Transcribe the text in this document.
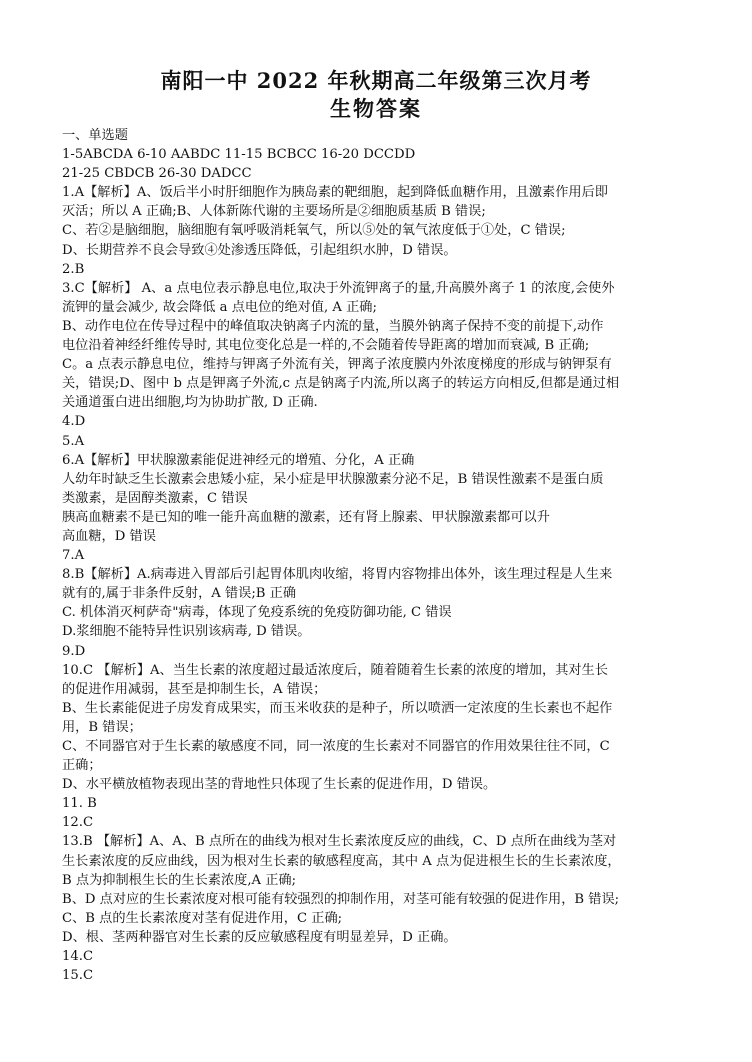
南阳一中 2022 年秋期高二年级第三次月考
生物答案
一、单选题
1-5ABCDA 6-10 AABDC 11-15 BCBCC 16-20 DCCDD
21-25 CBDCB 26-30 DADCC
1.A【解析】A、饭后半小时肝细胞作为胰岛素的靶细胞，起到降低血糖作用，且激素作用后即
灭活；所以 A 正确;B、人体新陈代谢的主要场所是②细胞质基质 B 错误;
C、若②是脑细胞，脑细胞有氧呼吸消耗氧气，所以⑤处的氧气浓度低于①处，C 错误;
D、长期营养不良会导致④处渗透压降低，引起组织水肿，D 错误。
2.B
3.C【解析】 A、a 点电位表示静息电位,取决于外流钾离子的量,升高膜外离子 1 的浓度,会使外
流钾的量会减少, 故会降低 a 点电位的绝对值, A 正确;
B、动作电位在传导过程中的峰值取决钠离子内流的量，当膜外钠离子保持不变的前提下,动作
电位沿着神经纤维传导时, 其电位变化总是一样的,不会随着传导距离的增加而衰减, B 正确;
C。a 点表示静息电位，维持与钾离子外流有关，钾离子浓度膜内外浓度梯度的形成与钠钾泵有
关，错误;D、图中 b 点是钾离子外流,c 点是钠离子内流,所以离子的转运方向相反,但都是通过相
关通道蛋白进出细胞,均为协助扩散, D 正确.
4.D
5.A
6.A【解析】甲状腺激素能促进神经元的增殖、分化，A 正确
人幼年时缺乏生长激素会患矮小症，呆小症是甲状腺激素分泌不足，B 错误性激素不是蛋白质
类激素，是固醇类激素，C 错误
胰高血糖素不是已知的唯一能升高血糖的激素，还有肾上腺素、甲状腺激素都可以升
高血糖，D 错误
7.A
8.B【解析】A.病毒进入胃部后引起胃体肌肉收缩，将胃内容物排出体外，该生理过程是人生来
就有的,属于非条件反射，A 错误;B 正确
C. 机体消灭柯萨奇"病毒，体现了免疫系统的免疫防御功能, C 错误
D.浆细胞不能特异性识别该病毒, D 错误。
9.D
10.C 【解析】A、当生长素的浓度超过最适浓度后，随着随着生长素的浓度的增加，其对生长
的促进作用减弱，甚至是抑制生长，A 错误；
B、生长素能促进子房发育成果实，而玉米收获的是种子，所以喷洒一定浓度的生长素也不起作
用，B 错误；
C、不同器官对于生长素的敏感度不同，同一浓度的生长素对不同器官的作用效果往往不同，C
正确；
D、水平横放植物表现出茎的背地性只体现了生长素的促进作用，D 错误。
11. B
12.C
13.B 【解析】A、A、B 点所在的曲线为根对生长素浓度反应的曲线，C、D 点所在曲线为茎对
生长素浓度的反应曲线，因为根对生长素的敏感程度高，其中 A 点为促进根生长的生长素浓度，
B 点为抑制根生长的生长素浓度,A 正确;
B、D 点对应的生长素浓度对根可能有较强烈的抑制作用，对茎可能有较强的促进作用，B 错误;
C、B 点的生长素浓度对茎有促进作用，C 正确;
D、根、茎两种器官对生长素的反应敏感程度有明显差异，D 正确。
14.C
15.C
